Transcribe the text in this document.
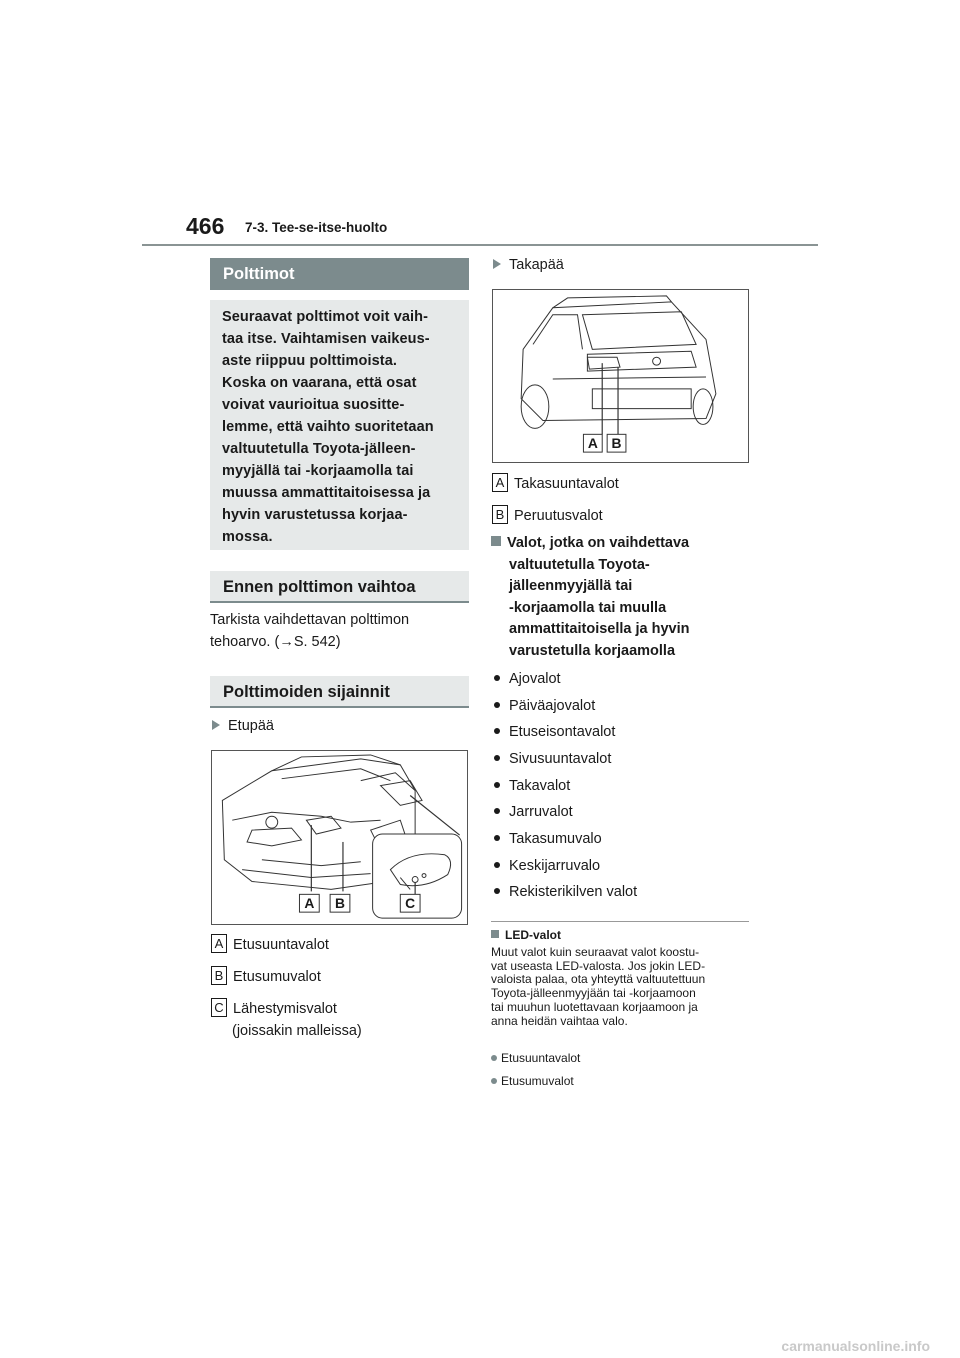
466 7-3. Tee-se-itse-huolto
Polttimot
Seuraavat polttimot voit vaih-
taa itse. Vaihtamisen vaikeus-
aste riippuu polttimoista.
Koska on vaarana, että osat
voivat vaurioitua suositte-
lemme, että vaihto suoritetaan
valtuutetulla Toyota-jälleen-
myyjällä tai -korjaamolla tai
muussa ammattitaitoisessa ja
hyvin varustetussa korjaa-
mossa.
Ennen polttimon vaihtoa
Tarkista vaihdettavan polttimon
tehoarvo. (→S. 542)
Polttimoiden sijainnit
Etupää
A B	C
A Etusuuntavalot
B Etusumuvalot
C Lähestymisvalot
(joissakin malleissa)
Takapää
A B
A Takasuuntavalot
B Peruutusvalot
Valot, jotka on vaihdettava
valtuutetulla Toyota-
jälleenmyyjällä tai
-korjaamolla tai muulla
ammattitaitoisella ja hyvin
varustetulla korjaamolla
Ajovalot
Päiväajovalot
Etuseisontavalot
Sivusuuntavalot
Takavalot
Jarruvalot
Takasumuvalo
Keskijarruvalo
Rekisterikilven valot
LED-valot
Muut valot kuin seuraavat valot koostu-
vat useasta LED-valosta. Jos jokin LED-
valoista palaa, ota yhteyttä valtuutettuun
Toyota-jälleenmyyjään tai -korjaamoon
tai muuhun luotettavaan korjaamoon ja
anna heidän vaihtaa valo.
Etusuuntavalot
Etusumuvalot
carmanualsonline.info
